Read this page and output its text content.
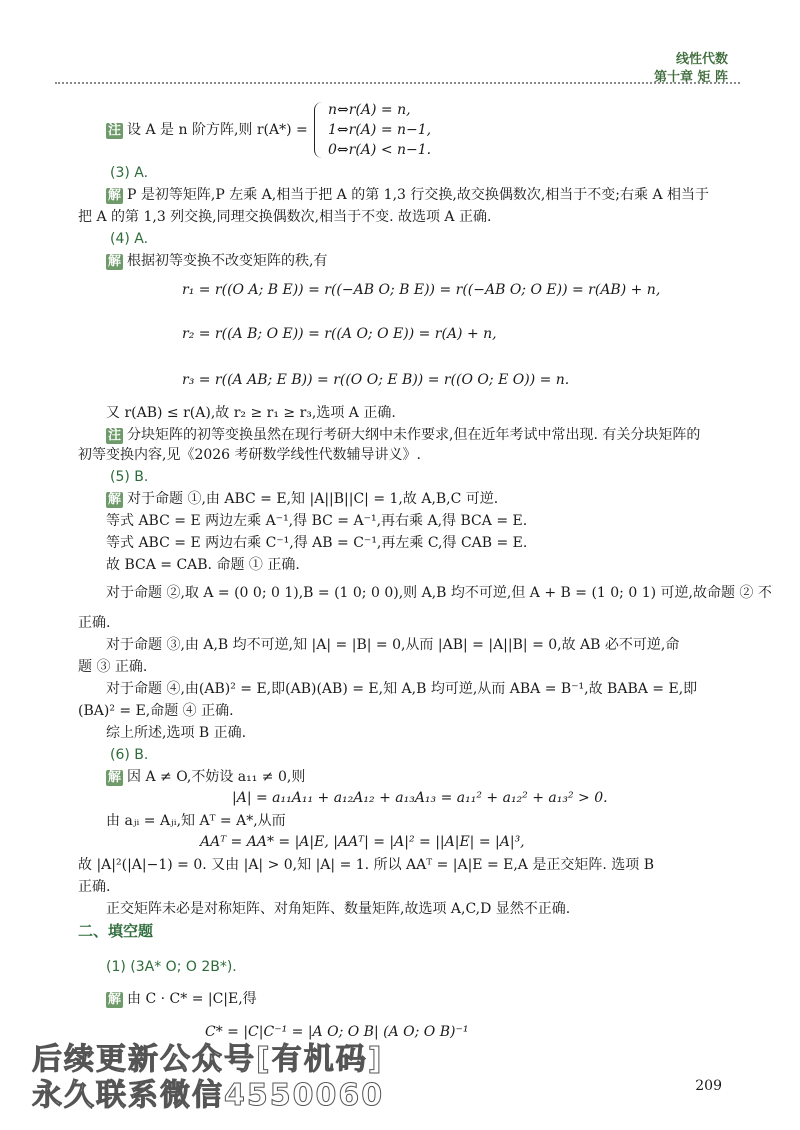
线性代数
第十章 矩 阵
注 设 A 是 n 阶方阵,则 r(A*) =
n⇔r(A) = n,
1⇔r(A) = n−1,
0⇔r(A) < n−1.
(3) A.
解 P 是初等矩阵,P 左乘 A,相当于把 A 的第 1,3 行交换,故交换偶数次,相当于不变;右乘 A 相当于
把 A 的第 1,3 列交换,同理交换偶数次,相当于不变. 故选项 A 正确.
(4) A.
解 根据初等变换不改变矩阵的秩,有
r₁ = r((O A; B E)) = r((−AB O; B E)) = r((−AB O; O E)) = r(AB) + n,
r₂ = r((A B; O E)) = r((A O; O E)) = r(A) + n,
r₃ = r((A AB; E B)) = r((O O; E B)) = r((O O; E O)) = n.
又 r(AB) ≤ r(A),故 r₂ ≥ r₁ ≥ r₃,选项 A 正确.
注 分块矩阵的初等变换虽然在现行考研大纲中未作要求,但在近年考试中常出现. 有关分块矩阵的
初等变换内容,见《2026 考研数学线性代数辅导讲义》.
(5) B.
解 对于命题 ①,由 ABC = E,知 |A||B||C| = 1,故 A,B,C 可逆.
等式 ABC = E 两边左乘 A⁻¹,得 BC = A⁻¹,再右乘 A,得 BCA = E.
等式 ABC = E 两边右乘 C⁻¹,得 AB = C⁻¹,再左乘 C,得 CAB = E.
故 BCA = CAB. 命题 ① 正确.
对于命题 ②,取 A = (0 0; 0 1),B = (1 0; 0 0),则 A,B 均不可逆,但 A + B = (1 0; 0 1) 可逆,故命题 ② 不
正确.
对于命题 ③,由 A,B 均不可逆,知 |A| = |B| = 0,从而 |AB| = |A||B| = 0,故 AB 必不可逆,命
题 ③ 正确.
对于命题 ④,由(AB)² = E,即(AB)(AB) = E,知 A,B 均可逆,从而 ABA = B⁻¹,故 BABA = E,即
(BA)² = E,命题 ④ 正确.
综上所述,选项 B 正确.
(6) B.
解 因 A ≠ O,不妨设 a₁₁ ≠ 0,则
|A| = a₁₁A₁₁ + a₁₂A₁₂ + a₁₃A₁₃ = a₁₁² + a₁₂² + a₁₃² > 0.
由 aⱼᵢ = Aⱼᵢ,知 Aᵀ = A*,从而
AAᵀ = AA* = |A|E, |AAᵀ| = |A|² = ||A|E| = |A|³,
故 |A|²(|A|−1) = 0. 又由 |A| > 0,知 |A| = 1. 所以 AAᵀ = |A|E = E,A 是正交矩阵. 选项 B
正确.
正交矩阵未必是对称矩阵、对角矩阵、数量矩阵,故选项 A,C,D 显然不正确.
二、填空题
(1) (3A* O; O 2B*).
解 由 C · C* = |C|E,得
C* = |C|C⁻¹ = |A O; O B| (A O; O B)⁻¹
209
后续更新公众号[有机码]
永久联系微信4550060
